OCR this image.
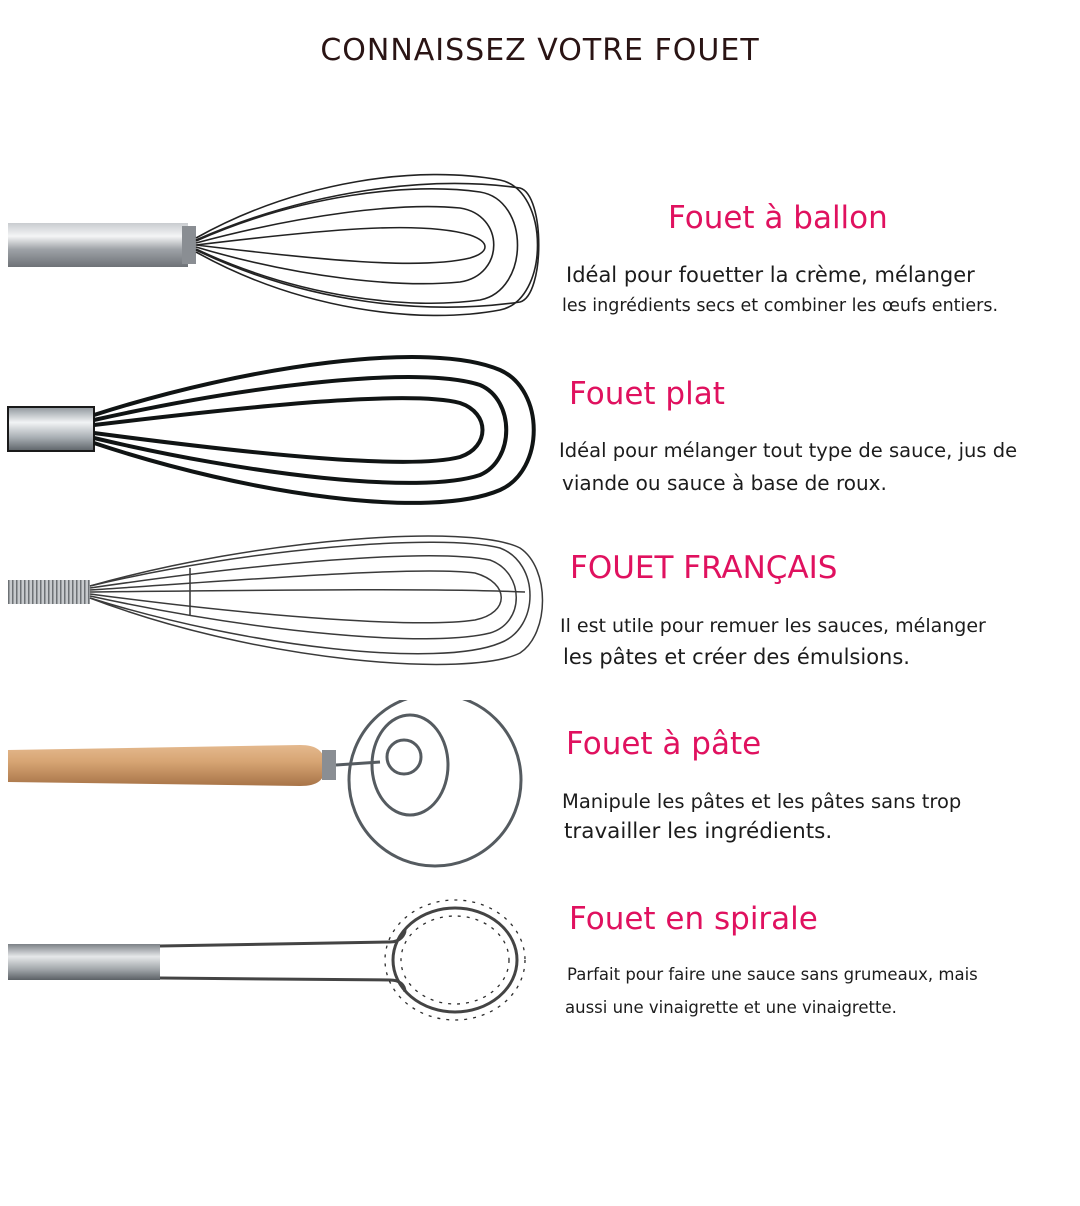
CONNAISSEZ VOTRE FOUET
Fouet à ballon

Idéal pour fouetter la crème, mélanger

les ingrédients secs et combiner les œufs entiers.

Fouet plat

Idéal pour mélanger tout type de sauce, jus de

viande ou sauce à base de roux.

FOUET FRANÇAIS

Il est utile pour remuer les sauces, mélanger

les pâtes et créer des émulsions.

Fouet à pâte

Manipule les pâtes et les pâtes sans trop

travailler les ingrédients.

Fouet en spirale

Parfait pour faire une sauce sans grumeaux, mais

aussi une vinaigrette et une vinaigrette.
